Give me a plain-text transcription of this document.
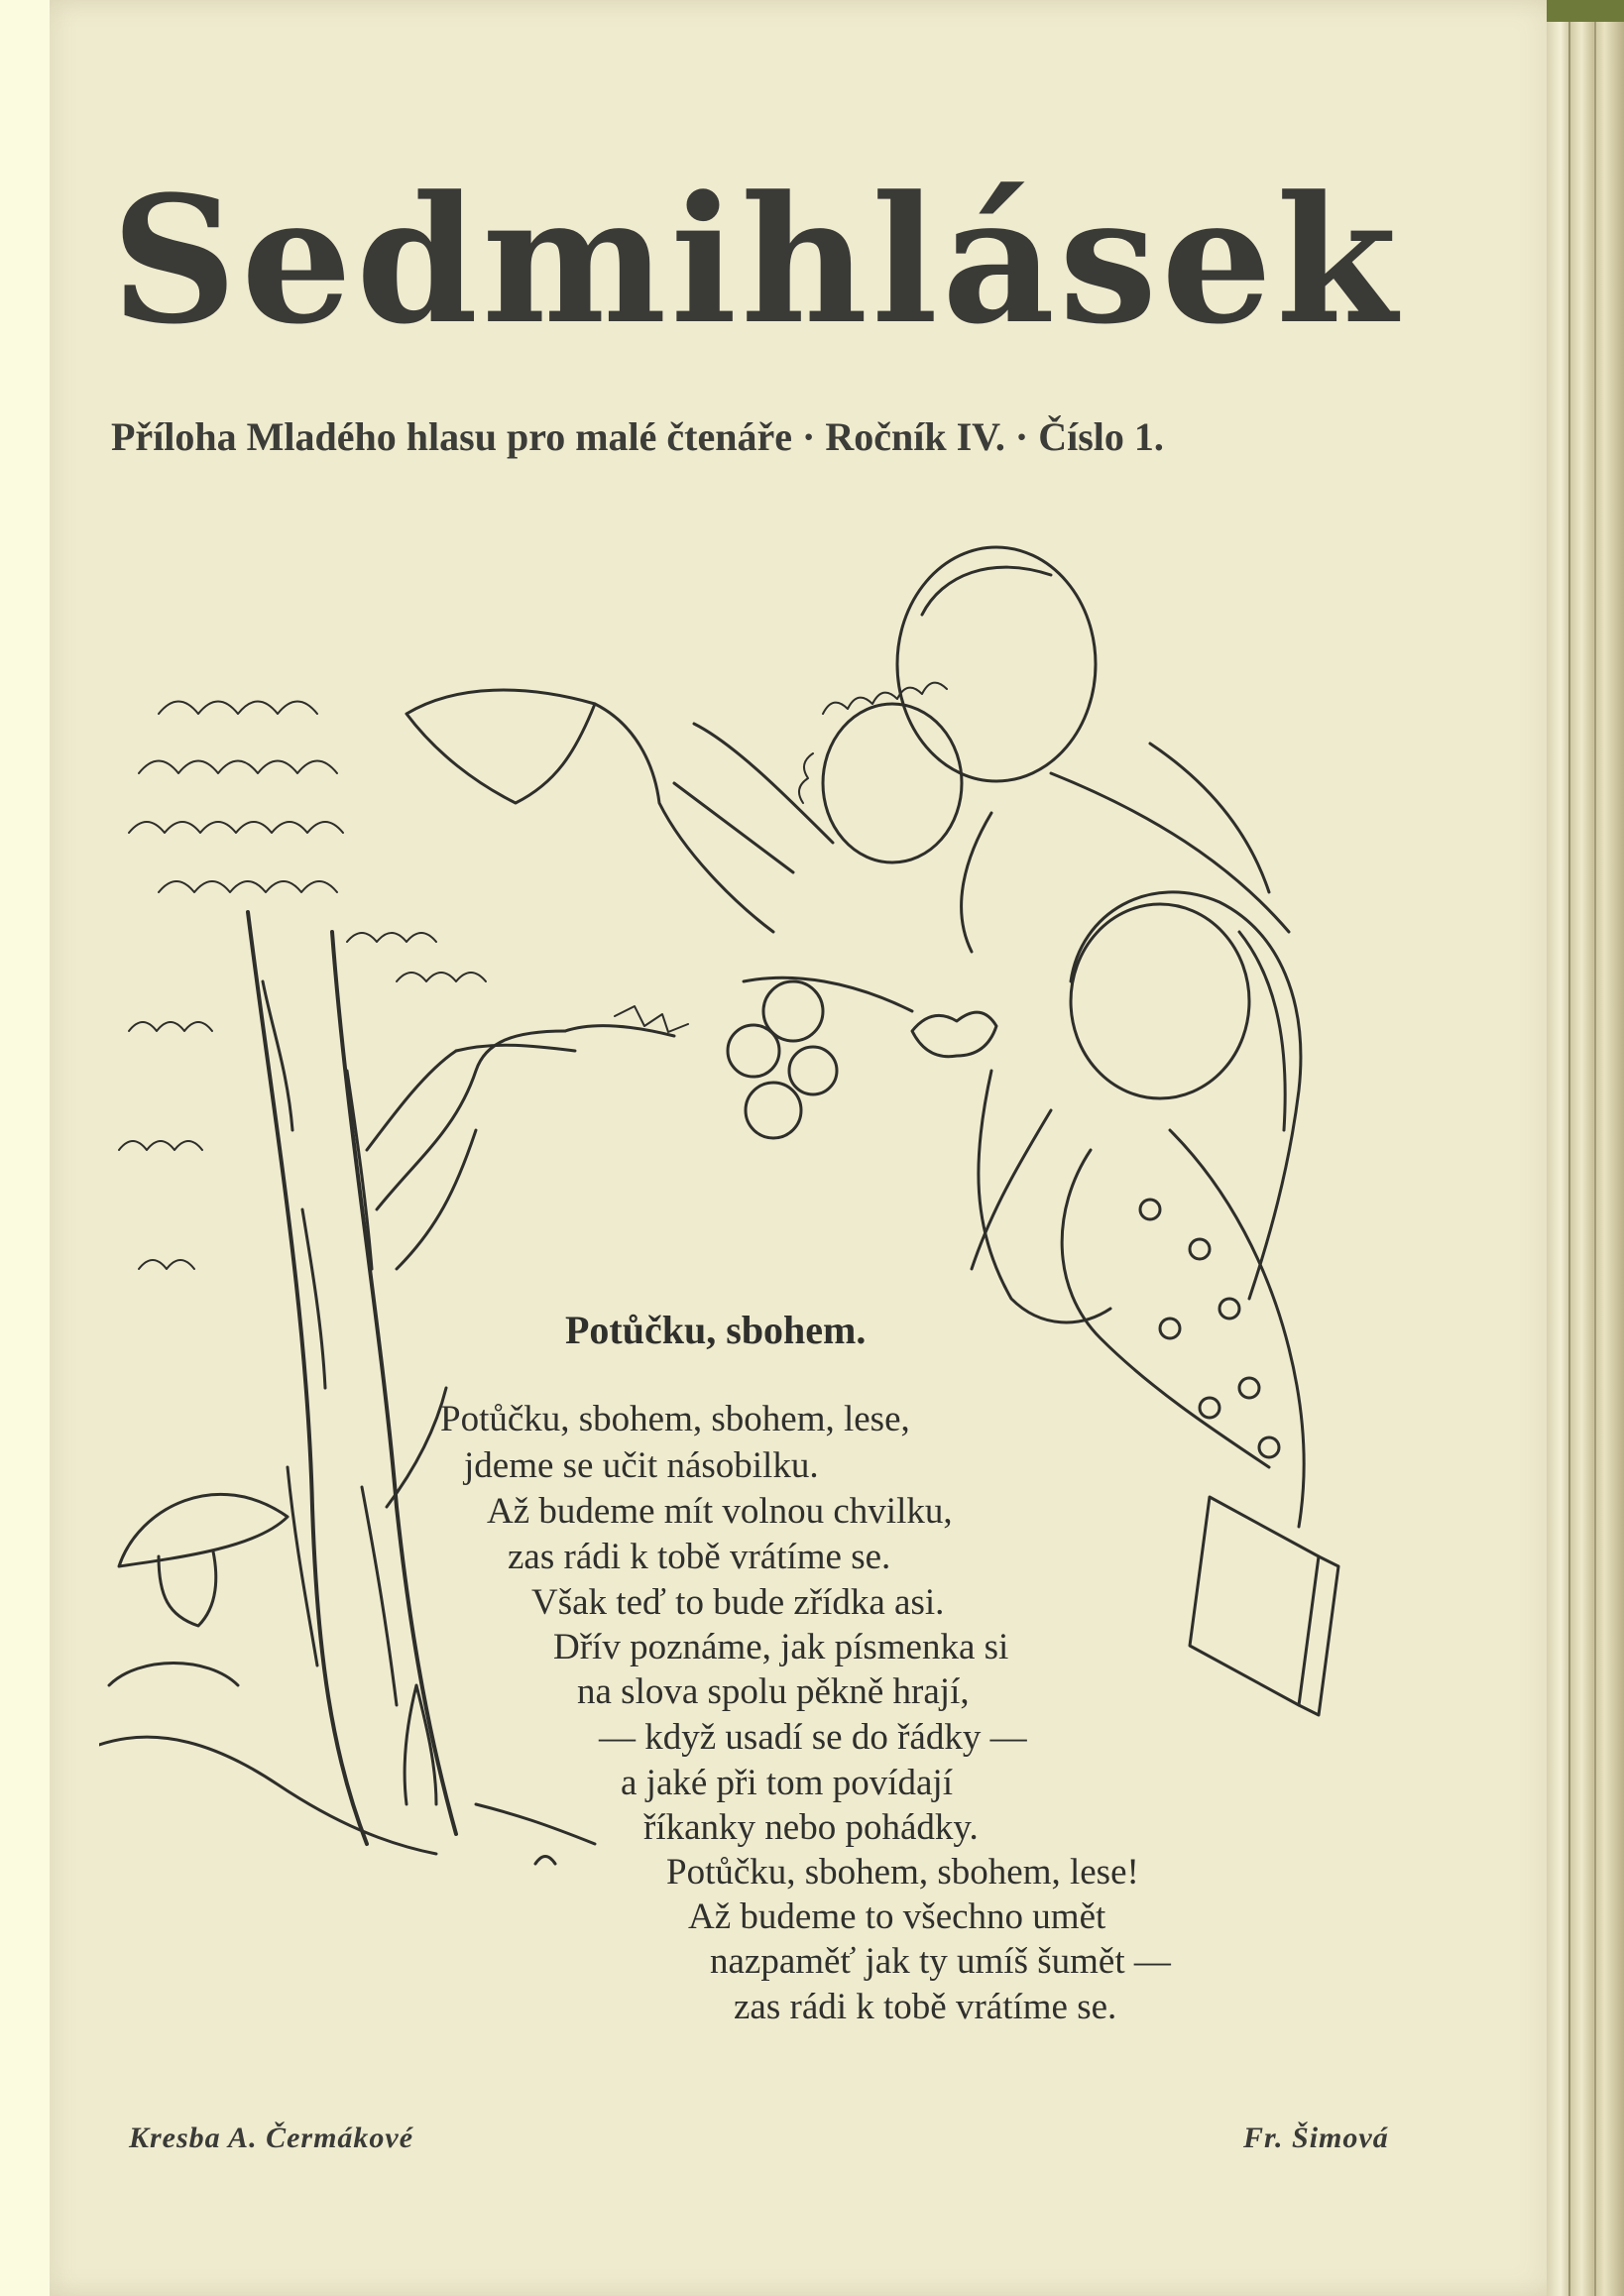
Sedmihlásek
Příloha Mladého hlasu pro malé čtenáře · Ročník IV. · Číslo 1.
Potůčku, sbohem.
Potůčku, sbohem, sbohem, lese,
jdeme se učit násobilku.
Až budeme mít volnou chvilku,
zas rádi k tobě vrátíme se.
Však teď to bude zřídka asi.
Dřív poznáme, jak písmenka si
na slova spolu pěkně hrají,
— když usadí se do řádky —
a jaké při tom povídají
říkanky nebo pohádky.
Potůčku, sbohem, sbohem, lese!
Až budeme to všechno umět
nazpaměť jak ty umíš šumět —
zas rádi k tobě vrátíme se.
Kresba A. Čermákové	Fr. Šimová
